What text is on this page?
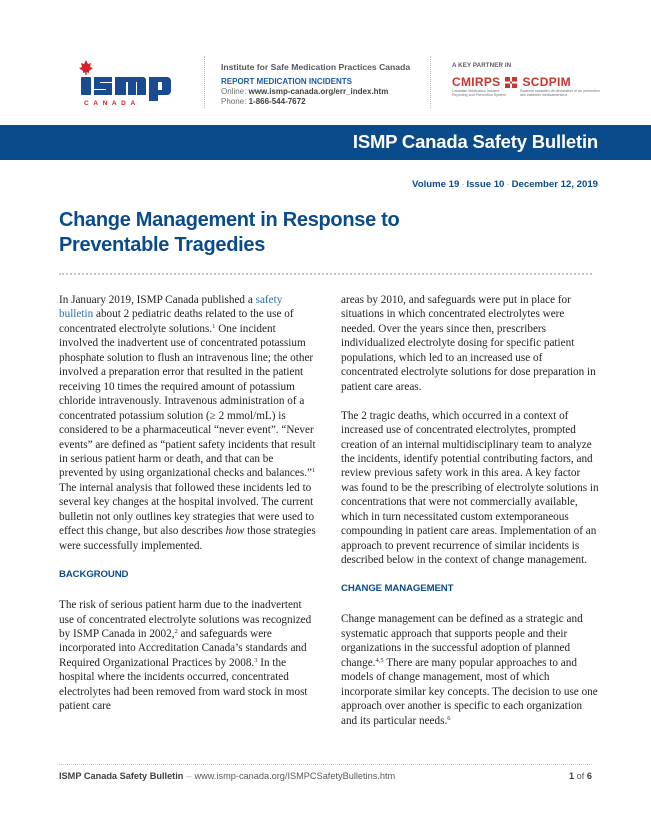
CANADA
Institute for Safe Medication Practices Canada
REPORT MEDICATION INCIDENTS
Online: www.ismp-canada.org/err_index.htm
Phone: 1-866-544-7672
A KEY PARTNER IN
CMIRPS SCDPIM
Canadian Medication Incident Reporting and Prevention System
Système canadien de déclaration et de prévention des incidents médicamenteux
ISMP Canada Safety Bulletin
Volume 19 · Issue 10 · December 12, 2019
Change Management in Response to Preventable Tragedies

In January 2019, ISMP Canada published a safety bulletin about 2 pediatric deaths related to the use of concentrated electrolyte solutions.$^1$ One incident involved the inadvertent use of concentrated potassium phosphate solution to flush an intravenous line; the other involved a preparation error that resulted in the patient receiving 10 times the required amount of potassium chloride intravenously. Intravenous administration of a concentrated potassium solution (≥ 2 mmol/mL) is considered to be a pharmaceutical “never event”. “Never events” are defined as “patient safety incidents that result in serious patient harm or death, and that can be prevented by using organizational checks and balances.”$^1$ The internal analysis that followed these incidents led to several key changes at the hospital involved. The current bulletin not only outlines key strategies that were used to effect this change, but also describes how those strategies were successfully implemented.

BACKGROUND

The risk of serious patient harm due to the inadvertent use of concentrated electrolyte solutions was recognized by ISMP Canada in 2002,$^2$ and safeguards were incorporated into Accreditation Canada’s standards and Required Organizational Practices by 2008.$^3$ In the hospital where the incidents occurred, concentrated electrolytes had been removed from ward stock in most patient care

areas by 2010, and safeguards were put in place for situations in which concentrated electrolytes were needed. Over the years since then, prescribers individualized electrolyte dosing for specific patient populations, which led to an increased use of concentrated electrolyte solutions for dose preparation in patient care areas.

The 2 tragic deaths, which occurred in a context of increased use of concentrated electrolytes, prompted creation of an internal multidisciplinary team to analyze the incidents, identify potential contributing factors, and review previous safety work in this area. A key factor was found to be the prescribing of electrolyte solutions in concentrations that were not commercially available, which in turn necessitated custom extemporaneous compounding in patient care areas. Implementation of an approach to prevent recurrence of similar incidents is described below in the context of change management.

CHANGE MANAGEMENT

Change management can be defined as a strategic and systematic approach that supports people and their organizations in the successful adoption of planned change.$^{4,5}$ There are many popular approaches to and models of change management, most of which incorporate similar key concepts. The decision to use one approach over another is specific to each organization and its particular needs.$^6$

ISMP Canada Safety Bulletin – www.ismp-canada.org/ISMPCSafetyBulletins.htm	1 of 6
